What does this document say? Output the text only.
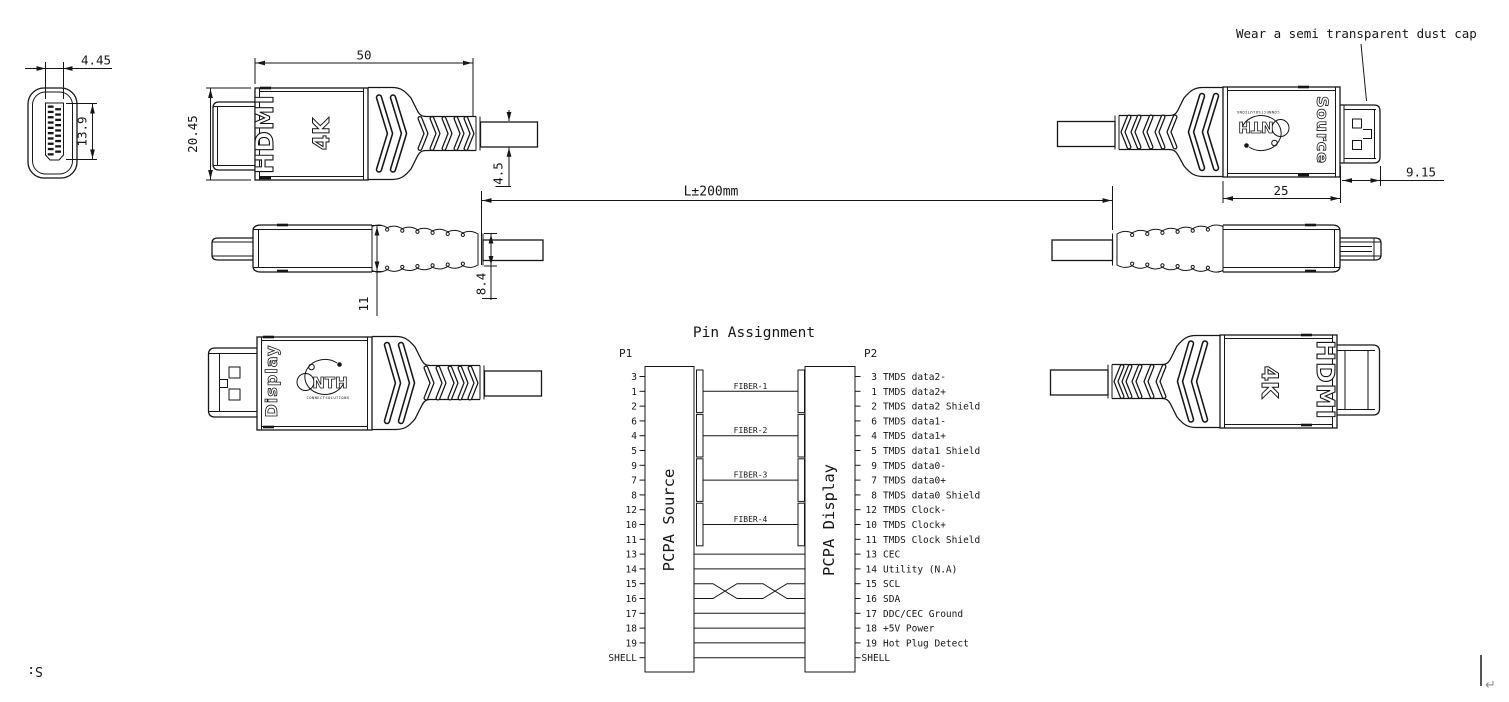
4.45
13.9	HDMI 4K
50
20.45
4.5
L±200mm
NTH
CONNECTSOLUTIONS Source
25
9.15
Wear a semi transparent dust cap
11
8.4
Display NTH
CONNECTSOLUTIONS	4K HDMI
Pin Assignment
P1	P2
PCPA Source	PCPA Display
3	3 TMDS data2-
1	1 TMDS data2+
2	2 TMDS data2 Shield
6	6 TMDS data1-
4	4 TMDS data1+
5	5 TMDS data1 Shield
9	9 TMDS data0-
7	7 TMDS data0+
8	8 TMDS data0 Shield
12	12 TMDS Clock-
10	10 TMDS Clock+
11	11 TMDS Clock Shield
13	13 CEC
14	14 Utility (N.A)
15	15 SCL
16	16 SDA
17	17 DDC/CEC Ground
18	18 +5V Power
19	19 Hot Plug Detect
SHELL	SHELL
FIBER-1
FIBER-2
FIBER-3
FIBER-4
S:
↵
